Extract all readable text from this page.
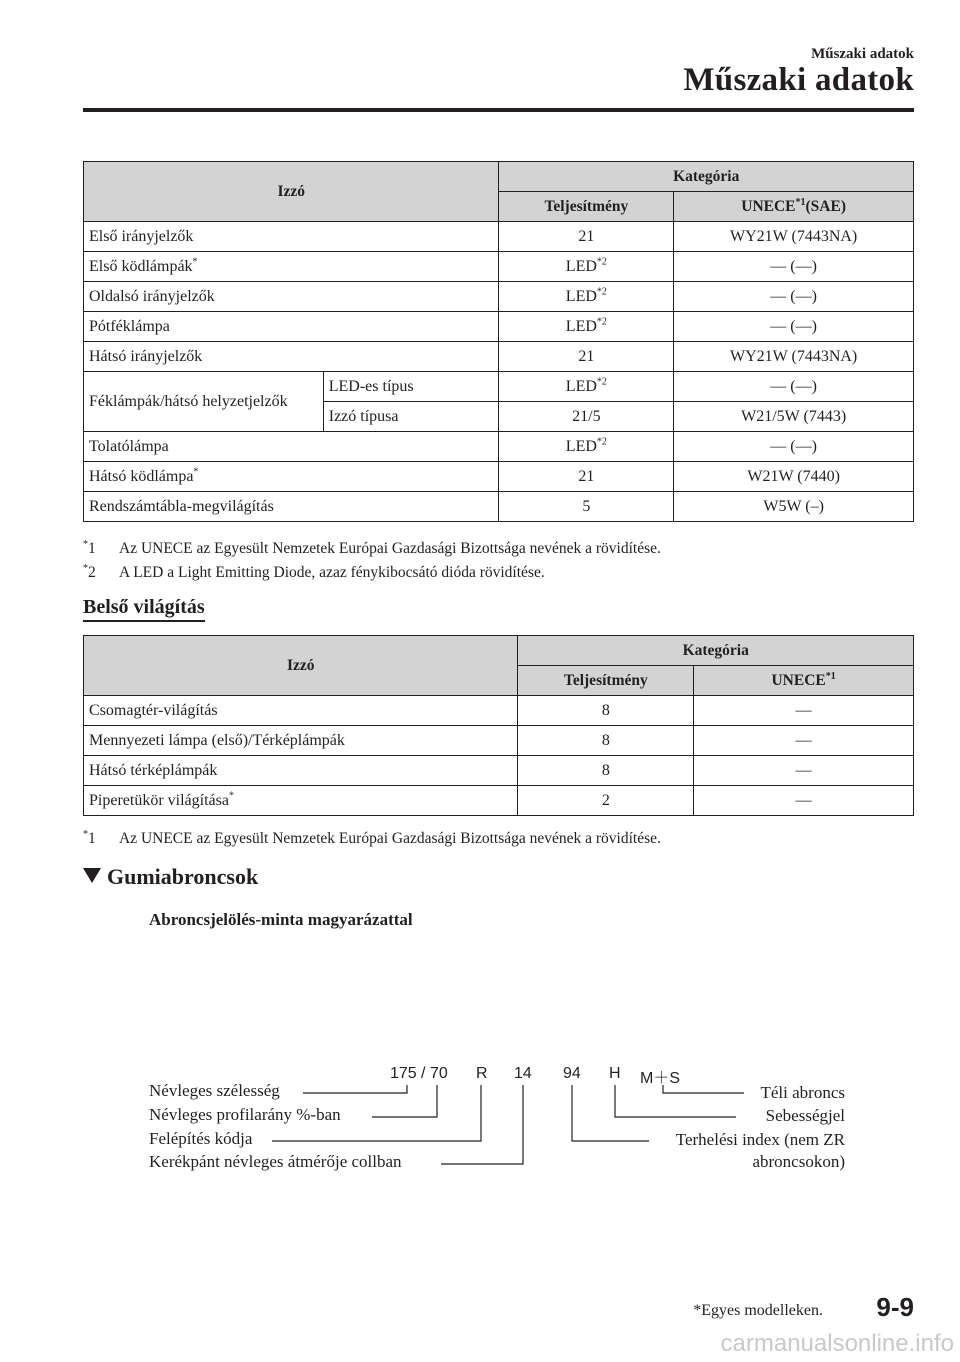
Műszaki adatok
Műszaki adatok
Izzó		Kategória	
		Teljesítmény	UNECE$^{*1}$(SAE)
Első irányjelzők		21	WY21W (7443NA)
Első ködlámpák*		LED$^{*2}$	― (―)
Oldalsó irányjelzők		LED$^{*2}$	― (―)
Pótféklámpa		LED$^{*2}$	― (―)
Hátsó irányjelzők		21	WY21W (7443NA)
Féklámpák/hátsó helyzetjelzők	LED-es típus	LED$^{*2}$	― (―)
	Izzó típusa	21/5	W21/5W (7443)
Tolatólámpa		LED$^{*2}$	― (―)
Hátsó ködlámpa*		21	W21W (7440)
Rendszámtábla-megvilágítás		5	W5W (–)
*1 Az UNECE az Egyesült Nemzetek Európai Gazdasági Bizottsága nevének a rövidítése.
*2 A LED a Light Emitting Diode, azaz fénykibocsátó dióda rövidítése.
Belső világítás
Izzó	Kategória	
	Teljesítmény	UNECE$^{*1}$
Csomagtér-világítás	8	―
Mennyezeti lámpa (első)/Térképlámpák	8	―
Hátsó térképlámpák	8	―
Piperetükör világítása*	2	―
*1 Az UNECE az Egyesült Nemzetek Európai Gazdasági Bizottsága nevének a rövidítése.
Gumiabroncsok
Abroncsjelölés-minta magyarázattal
175 / 70 R 14 94 H M＋S
Névleges szélesség
Névleges profilarány %-ban
Felépítés kódja
Kerékpánt névleges átmérője collban
Téli abroncs
Sebességjel
Terhelési index (nem ZR
abroncsokon)
*Egyes modelleken. 9-9
carmanualsonline.info
